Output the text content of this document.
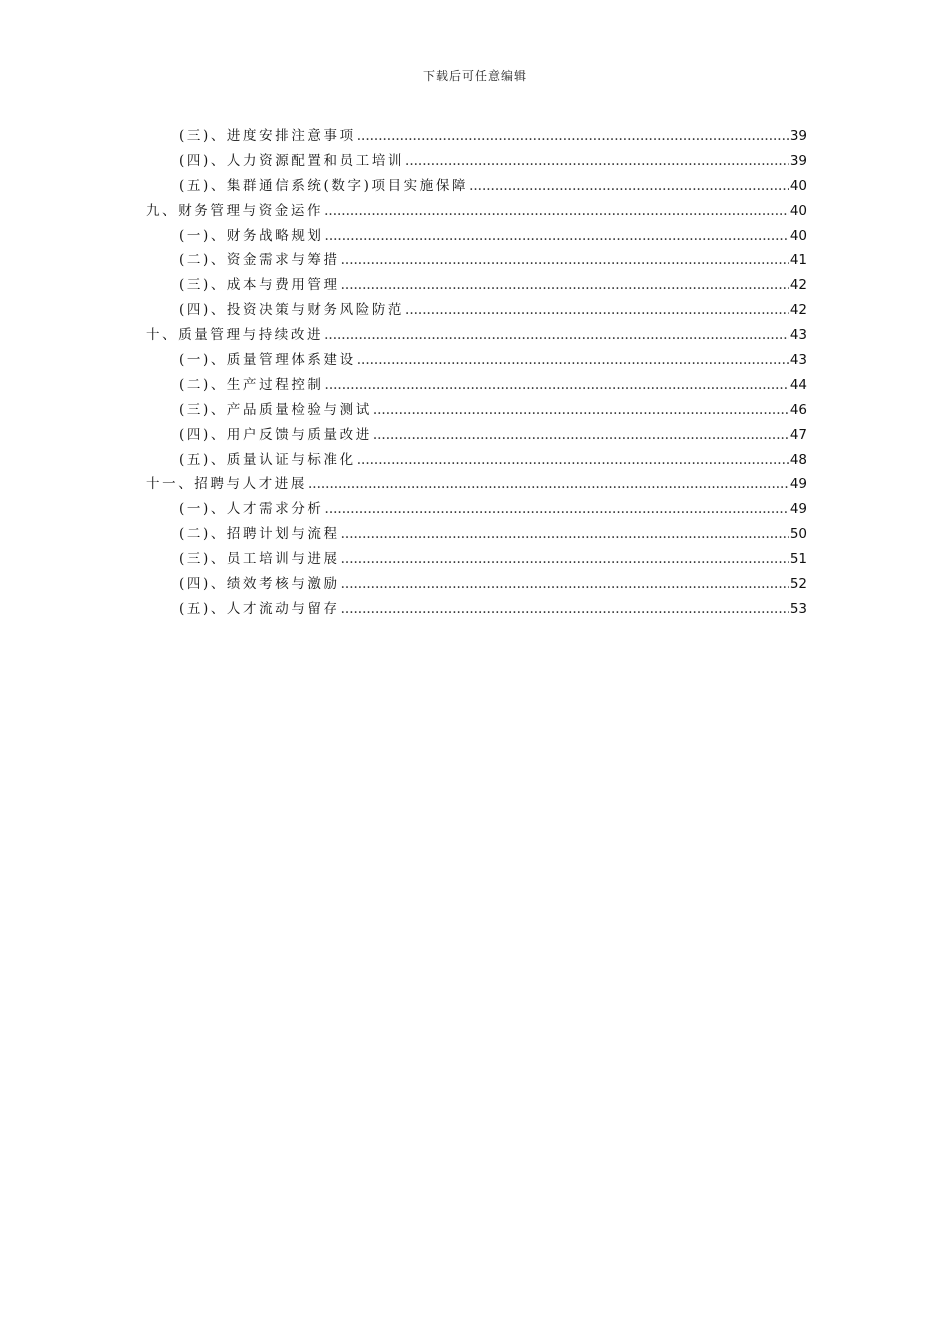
下载后可任意编辑
(三)、进度安排注意事项 .....	39
(四)、人力资源配置和员工培训 .....	39
(五)、集群通信系统(数字)项目实施保障 .....	40
九、财务管理与资金运作 .....	40
(一)、财务战略规划 .....	40
(二)、资金需求与筹措 .....	41
(三)、成本与费用管理 .....	42
(四)、投资决策与财务风险防范 .....	42
十、质量管理与持续改进 .....	43
(一)、质量管理体系建设 .....	43
(二)、生产过程控制 .....	44
(三)、产品质量检验与测试 .....	46
(四)、用户反馈与质量改进 .....	47
(五)、质量认证与标准化 .....	48
十一、招聘与人才进展 .....	49
(一)、人才需求分析 .....	49
(二)、招聘计划与流程 .....	50
(三)、员工培训与进展 .....	51
(四)、绩效考核与激励 .....	52
(五)、人才流动与留存 .....	53
